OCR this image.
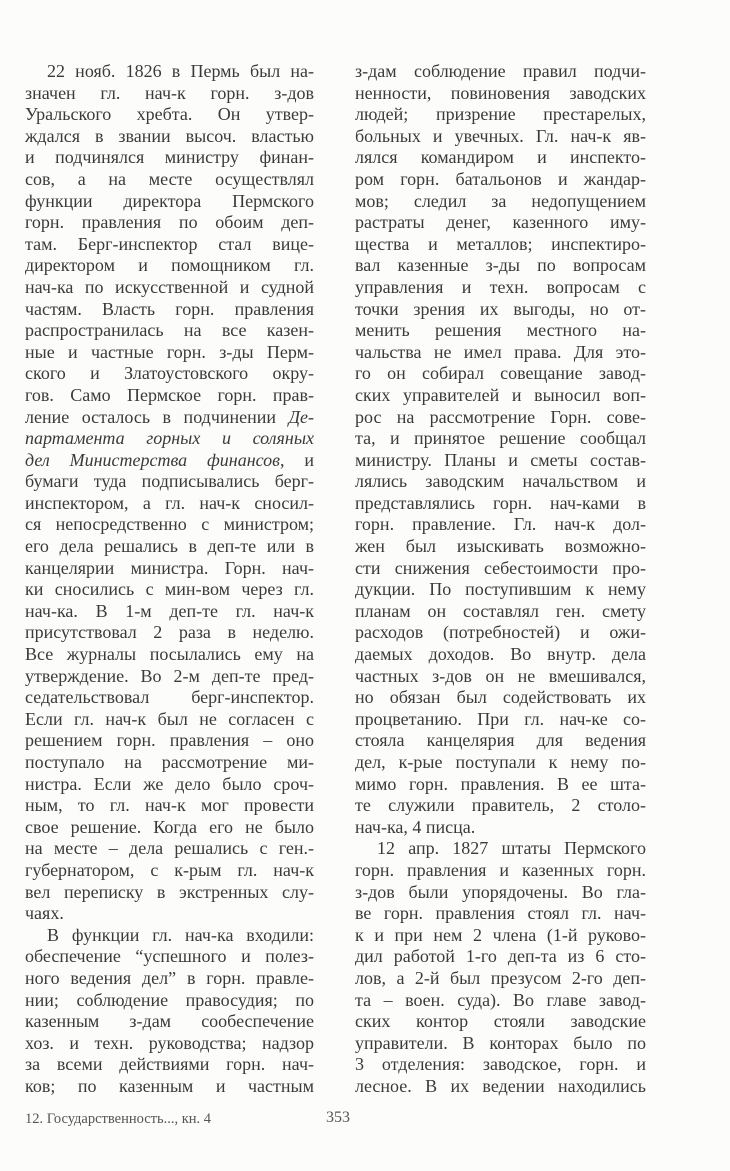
22 нояб. 1826 в Пермь был на-
значен гл. нач-к горн. з-дов
Уральского хребта. Он утвер-
ждался в звании высоч. властью
и подчинялся министру финан-
сов, а на месте осуществлял
функции директора Пермского
горн. правления по обоим деп-
там. Берг-инспектор стал вице-
директором и помощником гл.
нач-ка по искусственной и судной
частям. Власть горн. правления
распространилась на все казен-
ные и частные горн. з-ды Перм-
ского и Златоустовского окру-
гов. Само Пермское горн. прав-
ление осталось в подчинении Де-
партамента горных и соляных
дел Министерства финансов, и
бумаги туда подписывались берг-
инспектором, а гл. нач-к сносил-
ся непосредственно с министром;
его дела решались в деп-те или в
канцелярии министра. Горн. нач-
ки сносились с мин-вом через гл.
нач-ка. В 1-м деп-те гл. нач-к
присутствовал 2 раза в неделю.
Все журналы посылались ему на
утверждение. Во 2-м деп-те пред-
седательствовал берг-инспектор.
Если гл. нач-к был не согласен с
решением горн. правления – оно
поступало на рассмотрение ми-
нистра. Если же дело было сроч-
ным, то гл. нач-к мог провести
свое решение. Когда его не было
на месте – дела решались с ген.-
губернатором, с к-рым гл. нач-к
вел переписку в экстренных слу-
чаях.
В функции гл. нач-ка входили:
обеспечение “успешного и полез-
ного ведения дел” в горн. правле-
нии; соблюдение правосудия; по
казенным з-дам сообеспечение
хоз. и техн. руководства; надзор
за всеми действиями горн. нач-
ков; по казенным и частным
з-дам соблюдение правил подчи-
ненности, повиновения заводских
людей; призрение престарелых,
больных и увечных. Гл. нач-к яв-
лялся командиром и инспекто-
ром горн. батальонов и жандар-
мов; следил за недопущением
растраты денег, казенного иму-
щества и металлов; инспектиро-
вал казенные з-ды по вопросам
управления и техн. вопросам с
точки зрения их выгоды, но от-
менить решения местного на-
чальства не имел права. Для это-
го он собирал совещание завод-
ских управителей и выносил воп-
рос на рассмотрение Горн. сове-
та, и принятое решение сообщал
министру. Планы и сметы состав-
лялись заводским начальством и
представлялись горн. нач-ками в
горн. правление. Гл. нач-к дол-
жен был изыскивать возможно-
сти снижения себестоимости про-
дукции. По поступившим к нему
планам он составлял ген. смету
расходов (потребностей) и ожи-
даемых доходов. Во внутр. дела
частных з-дов он не вмешивался,
но обязан был содействовать их
процветанию. При гл. нач-ке со-
стояла канцелярия для ведения
дел, к-рые поступали к нему по-
мимо горн. правления. В ее шта-
те служили правитель, 2 столо-
нач-ка, 4 писца.
12 апр. 1827 штаты Пермского
горн. правления и казенных горн.
з-дов были упорядочены. Во гла-
ве горн. правления стоял гл. нач-
к и при нем 2 члена (1-й руково-
дил работой 1-го деп-та из 6 сто-
лов, а 2-й был презусом 2-го деп-
та – воен. суда). Во главе завод-
ских контор стояли заводские
управители. В конторах было по
3 отделения: заводское, горн. и
лесное. В их ведении находились
12. Государственность..., кн. 4	353
